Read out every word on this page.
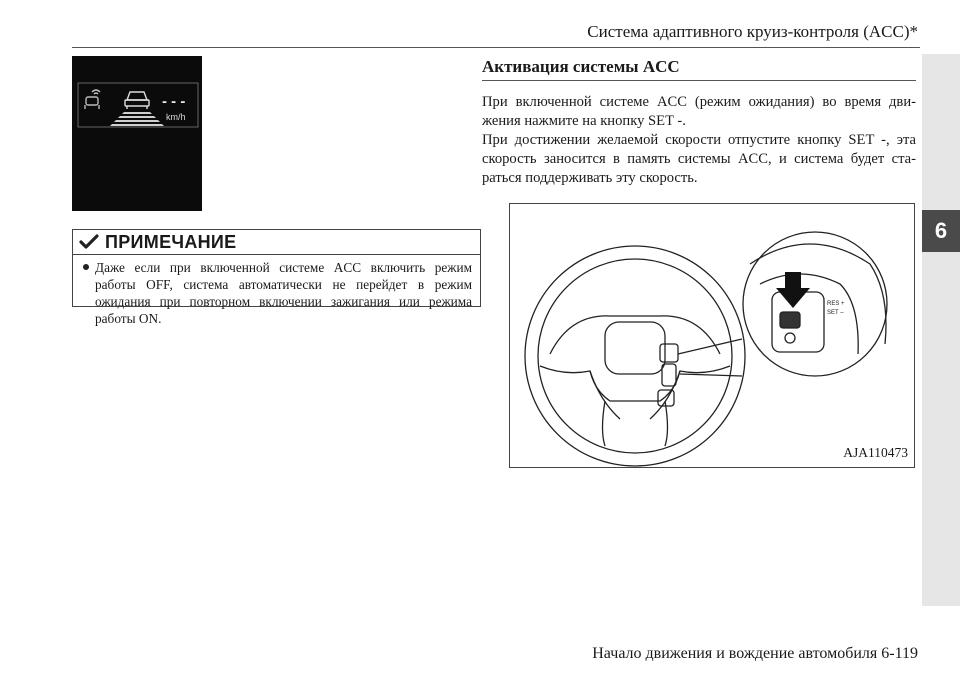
Система адаптивного круиз-контроля (ACC)*
6
- - -
km/h
ПРИМЕЧАНИЕ
Даже если при включенной системе ACC включить режим работы OFF, система автоматически не перейдет в режим ожидания при повторном включении зажигания или режима работы ON.
Активация системы ACC
При включенной системе ACC (режим ожидания) во время дви-жения нажмите на кнопку SET -.
При достижении желаемой скорости отпустите кнопку SET -, эта скорость заносится в память системы ACC, и система будет ста-раться поддерживать эту скорость.
RES +
SET –
AJA110473
Начало движения и вождение автомобиля 6-119
